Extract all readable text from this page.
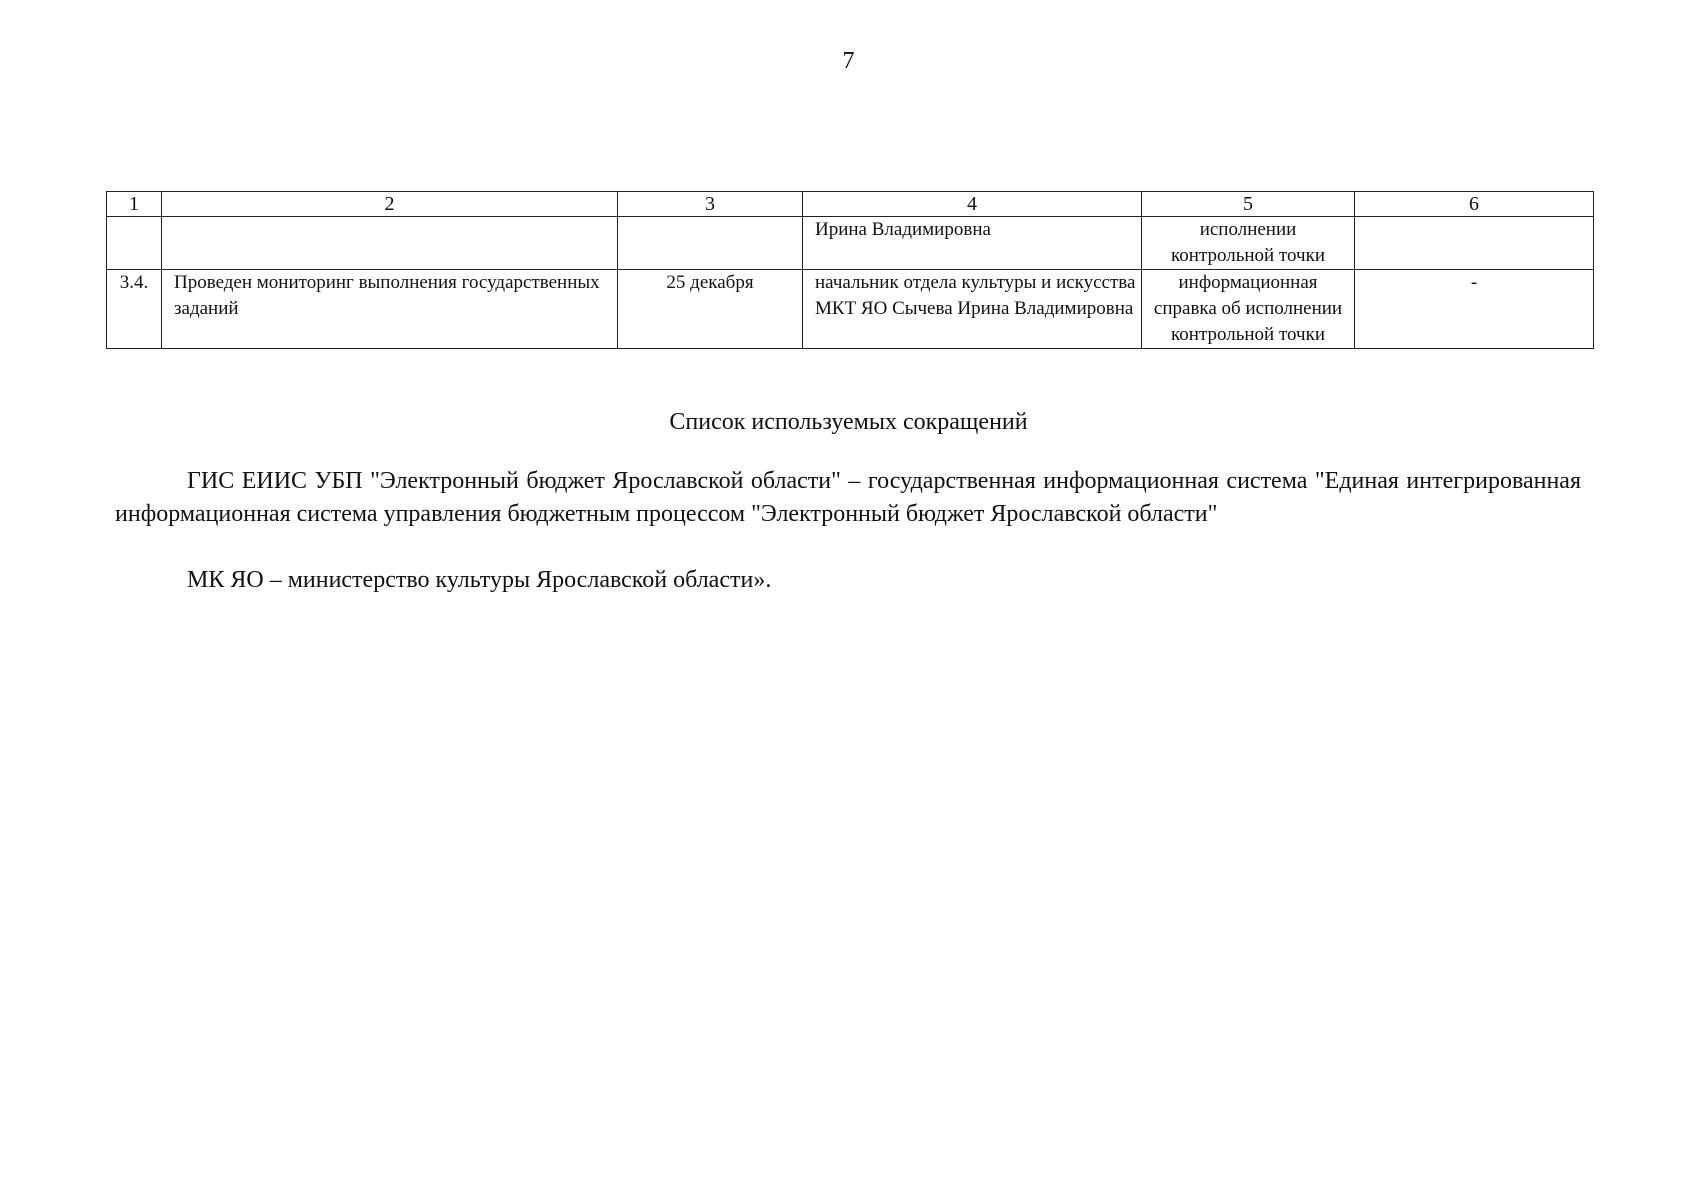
7
1	2	3	4	5	6
			Ирина Владимировна	исполнении контрольной точки	
3.4.	Проведен мониторинг выполнения государственных заданий	25 декабря	начальник отдела культуры и искусства МКТ ЯО Сычева Ирина Владимировна	информационная справка об исполнении контрольной точки	-
Список используемых сокращений
ГИС ЕИИС УБП "Электронный бюджет Ярославской области" – государственная информационная система "Единая интегрированная информационная система управления бюджетным процессом "Электронный бюджет Ярославской области"
МК ЯО – министерство культуры Ярославской области».
